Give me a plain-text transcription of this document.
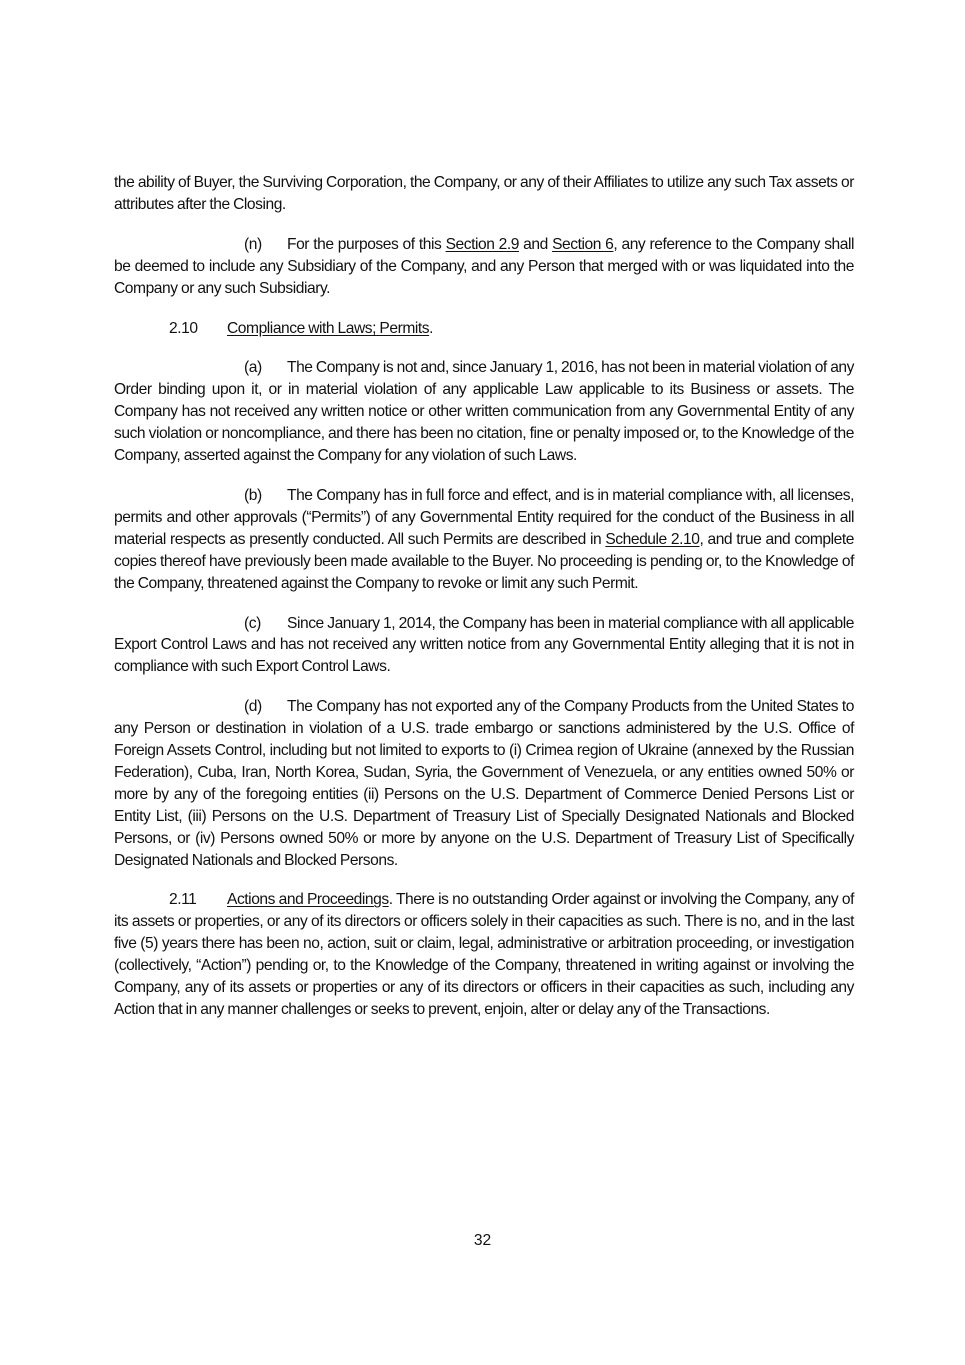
the ability of Buyer, the Surviving Corporation, the Company, or any of their Affiliates to utilize any such Tax assets or attributes after the Closing.

(n) For the purposes of this Section 2.9 and Section 6, any reference to the Company shall be deemed to include any Subsidiary of the Company, and any Person that merged with or was liquidated into the Company or any such Subsidiary.

2.10 Compliance with Laws; Permits.

(a) The Company is not and, since January 1, 2016, has not been in material violation of any Order binding upon it, or in material violation of any applicable Law applicable to its Business or assets. The Company has not received any written notice or other written communication from any Governmental Entity of any such violation or noncompliance, and there has been no citation, fine or penalty imposed or, to the Knowledge of the Company, asserted against the Company for any violation of such Laws.

(b) The Company has in full force and effect, and is in material compliance with, all licenses, permits and other approvals (“Permits”) of any Governmental Entity required for the conduct of the Business in all material respects as presently conducted. All such Permits are described in Schedule 2.10, and true and complete copies thereof have previously been made available to the Buyer. No proceeding is pending or, to the Knowledge of the Company, threatened against the Company to revoke or limit any such Permit.

(c) Since January 1, 2014, the Company has been in material compliance with all applicable Export Control Laws and has not received any written notice from any Governmental Entity alleging that it is not in compliance with such Export Control Laws.

(d) The Company has not exported any of the Company Products from the United States to any Person or destination in violation of a U.S. trade embargo or sanctions administered by the U.S. Office of Foreign Assets Control, including but not limited to exports to (i) Crimea region of Ukraine (annexed by the Russian Federation), Cuba, Iran, North Korea, Sudan, Syria, the Government of Venezuela, or any entities owned 50% or more by any of the foregoing entities (ii) Persons on the U.S. Department of Commerce Denied Persons List or Entity List, (iii) Persons on the U.S. Department of Treasury List of Specially Designated Nationals and Blocked Persons, or (iv) Persons owned 50% or more by anyone on the U.S. Department of Treasury List of Specifically Designated Nationals and Blocked Persons.

2.11 Actions and Proceedings. There is no outstanding Order against or involving the Company, any of its assets or properties, or any of its directors or officers solely in their capacities as such. There is no, and in the last five (5) years there has been no, action, suit or claim, legal, administrative or arbitration proceeding, or investigation (collectively, “Action”) pending or, to the Knowledge of the Company, threatened in writing against or involving the Company, any of its assets or properties or any of its directors or officers in their capacities as such, including any Action that in any manner challenges or seeks to prevent, enjoin, alter or delay any of the Transactions.

32
